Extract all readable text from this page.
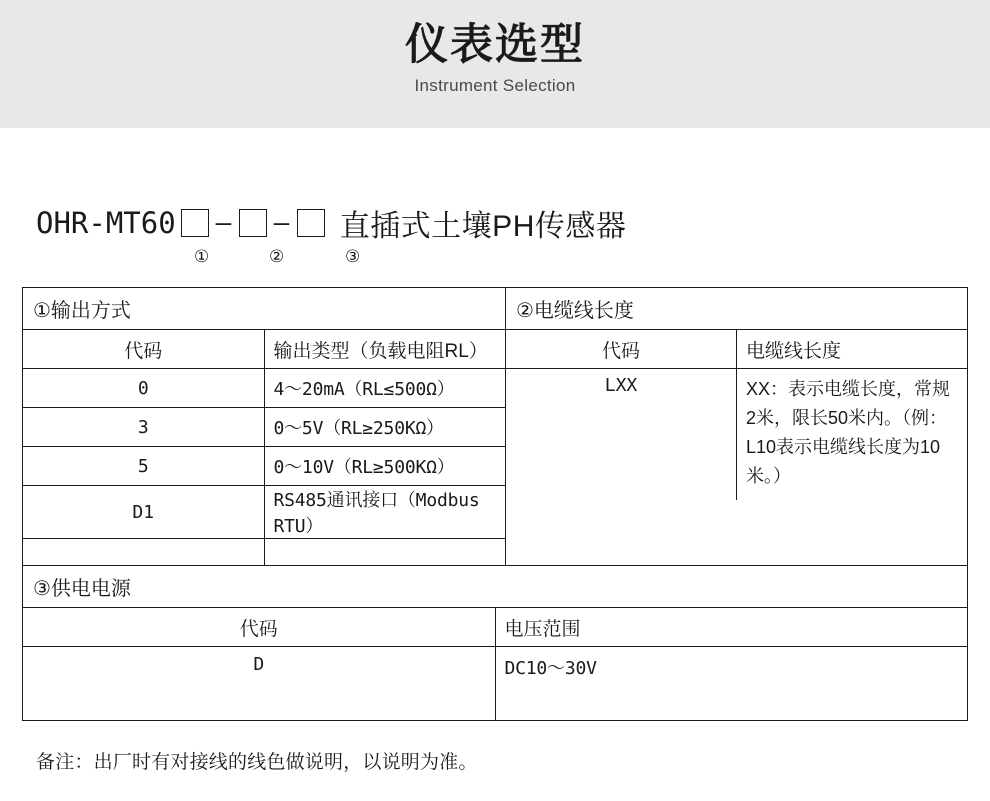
仪表选型
Instrument Selection
OHR-MT60 – – 直插式土壤PH传感器
①	②	③
①输出方式
代码	输出类型（负载电阻RL）
0	4～20mA（RL≤500Ω）
3	0～5V（RL≥250KΩ）
5	0～10V（RL≥500KΩ）
D1	RS485通讯接口（Modbus RTU）

②电缆线长度
代码	电缆线长度
LXX	XX：表示电缆长度，常规2米，限长50米内。（例：L10表示电缆线长度为10米。）

③供电电源
代码	电压范围
D	DC10～30V
备注：出厂时有对接线的线色做说明，以说明为准。
